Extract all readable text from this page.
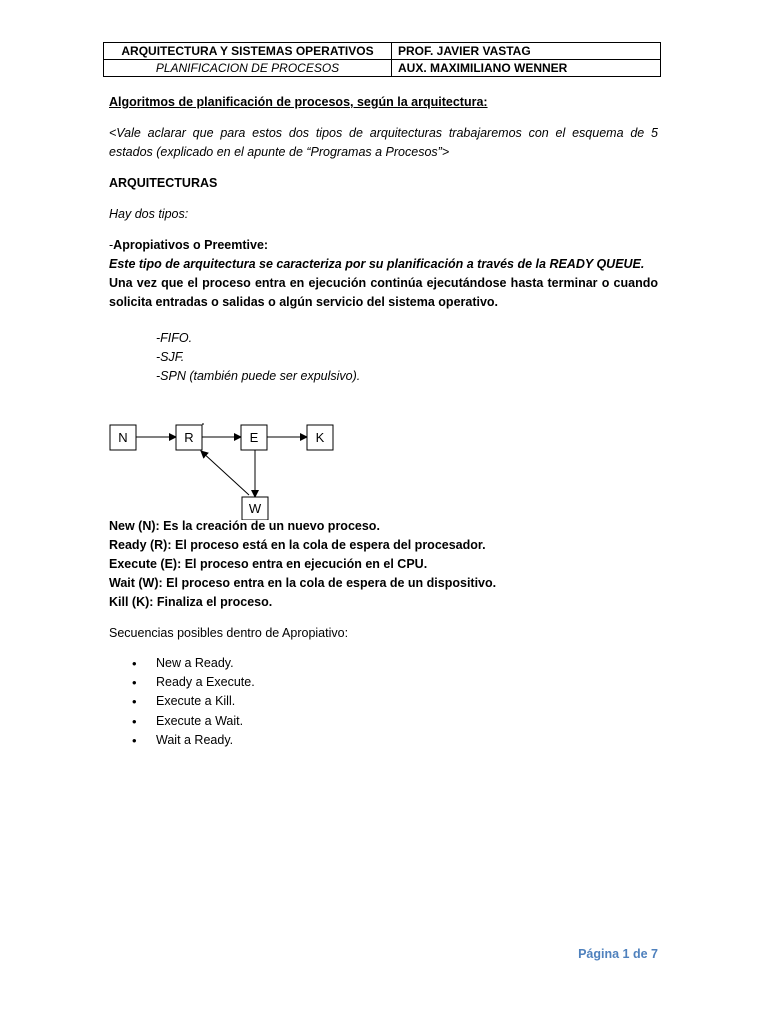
ARQUITECTURA Y SISTEMAS OPERATIVOS	PROF. JAVIER VASTAG
PLANIFICACION DE PROCESOS	AUX. MAXIMILIANO WENNER
Algoritmos de planificación de procesos, según la arquitectura:
<Vale aclarar que para estos dos tipos de arquitecturas trabajaremos con el esquema de 5 estados (explicado en el apunte de “Programas a Procesos”>
ARQUITECTURAS
Hay dos tipos:
-Apropiativos o Preemtive:
Este tipo de arquitectura se caracteriza por su planificación a través de la READY QUEUE.
Una vez que el proceso entra en ejecución continúa ejecutándose hasta terminar o cuando solicita entradas o salidas o algún servicio del sistema operativo.
-FIFO.
-SJF.
-SPN (también puede ser expulsivo).
N	R	E	K
W
New (N): Es la creación de un nuevo proceso.
Ready (R): El proceso está en la cola de espera del procesador.
Execute (E): El proceso entra en ejecución en el CPU.
Wait (W): El proceso entra en la cola de espera de un dispositivo.
Kill (K): Finaliza el proceso.
Secuencias posibles dentro de Apropiativo:
• New a Ready.
• Ready a Execute.
• Execute a Kill.
• Execute a Wait.
• Wait a Ready.
Página 1 de 7
